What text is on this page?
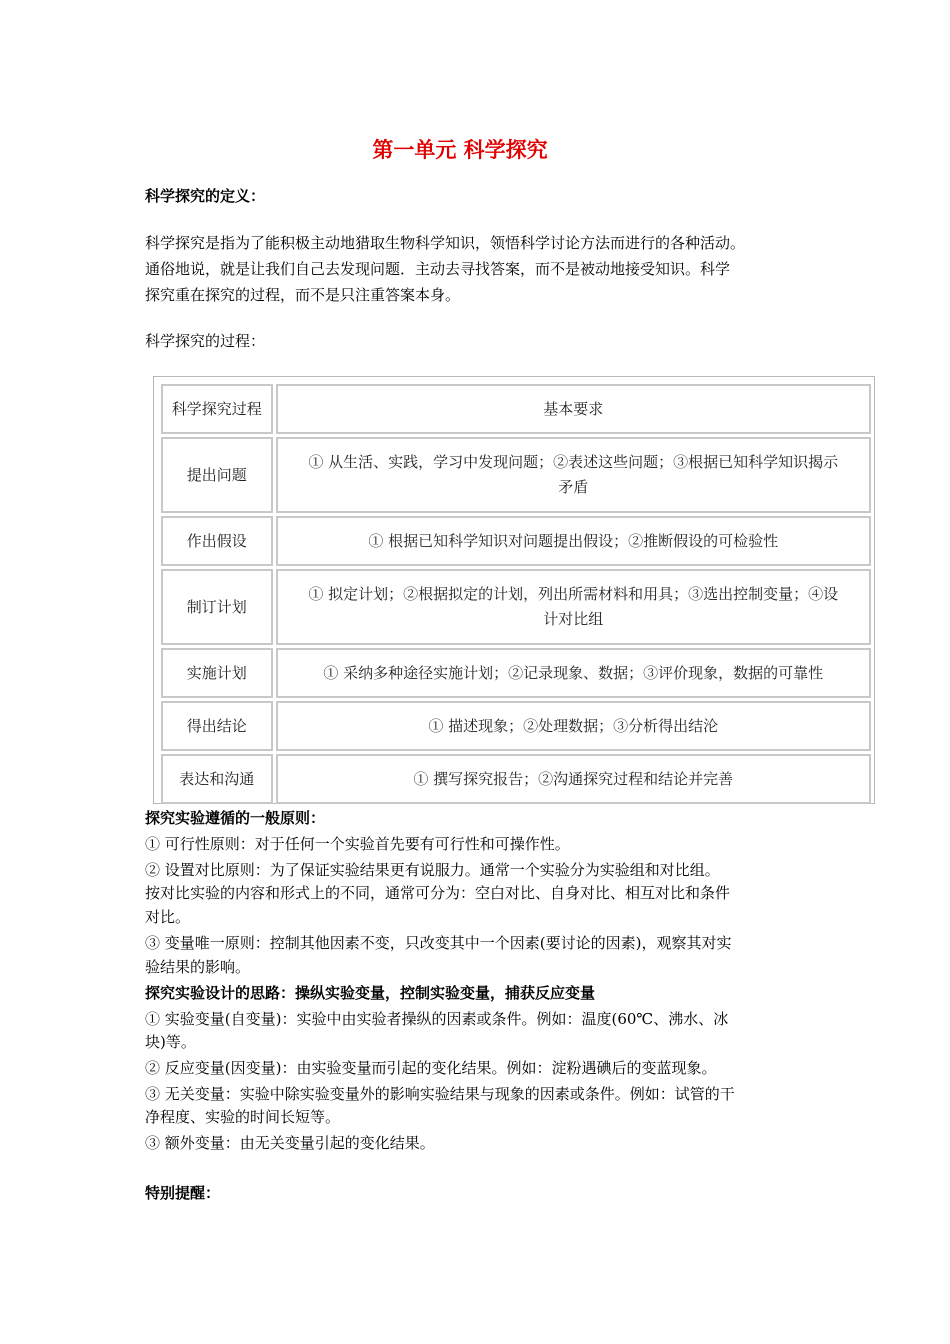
第一单元 科学探究
科学探究的定义：
科学探究是指为了能积极主动地猎取生物科学知识，领悟科学讨论方法而进行的各种活动。
通俗地说，就是让我们自己去发现问题．主动去寻找答案，而不是被动地接受知识。科学
探究重在探究的过程，而不是只注重答案本身。
科学探究的过程：
科学探究过程	基本要求
提出问题	① 从生活、实践，学习中发现问题；②表述这些问题；③根据已知科学知识揭示
矛盾
作出假设	① 根据已知科学知识对问题提出假设；②推断假设的可检验性
制订计划	① 拟定计划；②根据拟定的计划，列出所需材料和用具；③选出控制变量；④设
计对比组
实施计划	① 采纳多种途径实施计划；②记录现象、数据；③评价现象，数据的可靠性
得出结论	① 描述现象；②处理数据；③分析得出结沦
表达和沟通	① 撰写探究报告；②沟通探究过程和结论并完善
探究实验遵循的一般原则：
① 可行性原则：对于任何一个实验首先要有可行性和可操作性。
② 设置对比原则：为了保证实验结果更有说服力。通常一个实验分为实验组和对比组。
按对比实验的内容和形式上的不同，通常可分为：空白对比、自身对比、相互对比和条件
对比。
③ 变量唯一原则：控制其他因素不变，只改变其中一个因素(要讨论的因素)，观察其对实
验结果的影响。
探究实验设计的思路：操纵实验变量，控制实验变量，捕获反应变量
① 实验变量(自变量)：实验中由实验者操纵的因素或条件。例如：温度(60℃、沸水、冰
块)等。
② 反应变量(因变量)：由实验变量而引起的变化结果。例如：淀粉遇碘后的变蓝现象。
③ 无关变量：实验中除实验变量外的影响实验结果与现象的因素或条件。例如：试管的干
净程度、实验的时间长短等。
③ 额外变量：由无关变量引起的变化结果。
特别提醒：
